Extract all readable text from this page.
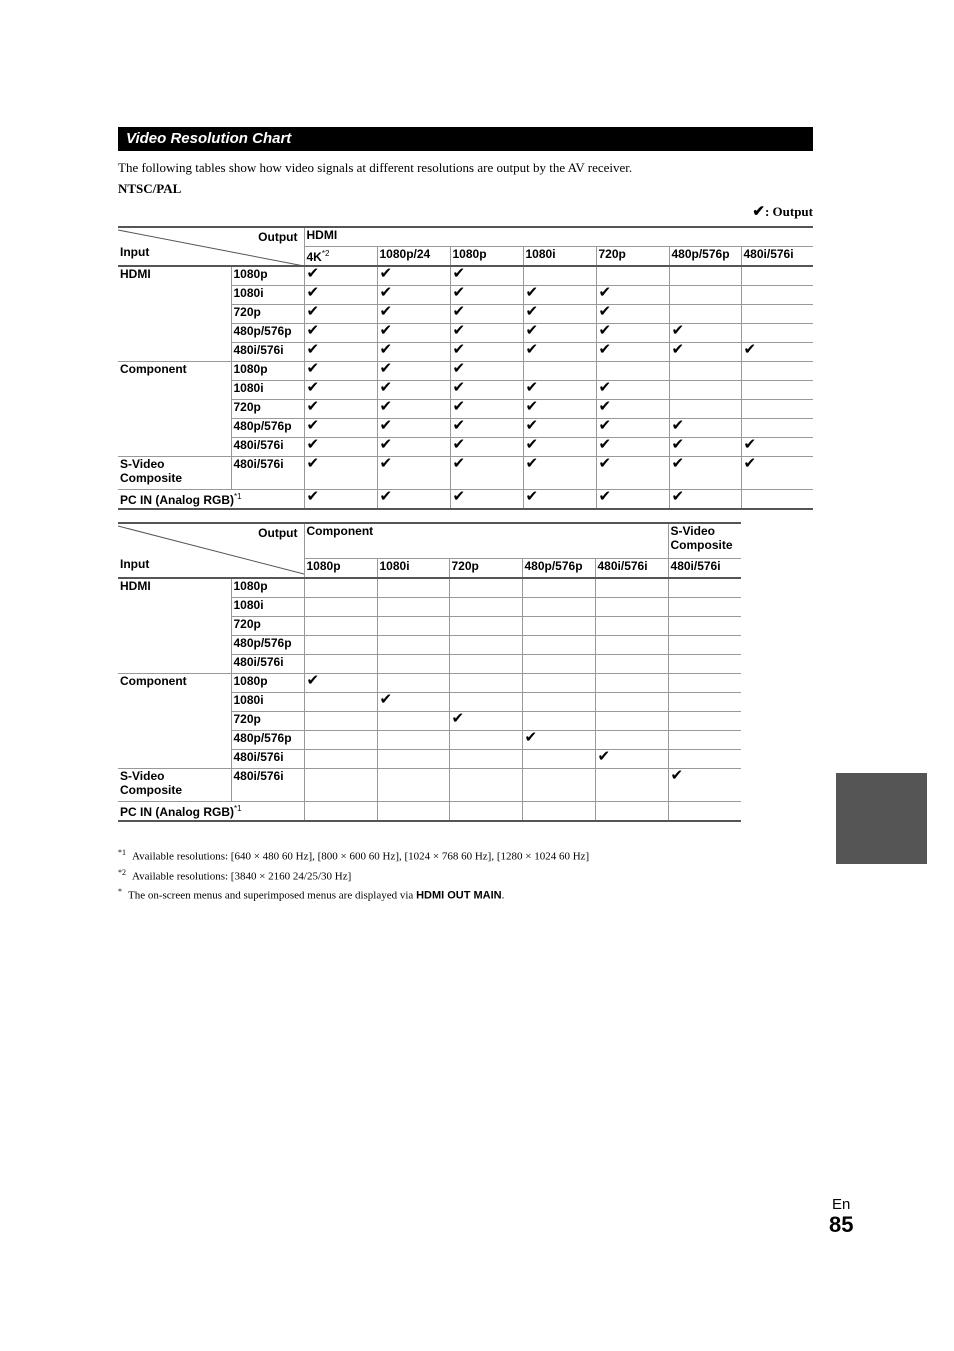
Video Resolution Chart
The following tables show how video signals at different resolutions are output by the AV receiver.
NTSC/PAL
✔: Output
Output
Input		HDMI						
		$4K^{*2}$	1080p/24	1080p	1080i	720p	480p/576p	480i/576i
HDMI	1080p	✔	✔	✔				
	1080i	✔	✔	✔	✔	✔		
	720p	✔	✔	✔	✔	✔		
	480p/576p	✔	✔	✔	✔	✔	✔	
	480i/576i	✔	✔	✔	✔	✔	✔	✔
Component	1080p	✔	✔	✔				
	1080i	✔	✔	✔	✔	✔		
	720p	✔	✔	✔	✔	✔		
	480p/576p	✔	✔	✔	✔	✔	✔	
	480i/576i	✔	✔	✔	✔	✔	✔	✔
S-Video
Composite	480i/576i	✔	✔	✔	✔	✔	✔	✔
PC IN (Analog RGB)$^{*1}$		✔	✔	✔	✔	✔	✔	
Output
Input		Component					S-Video
Composite
		1080p	1080i	720p	480p/576p	480i/576i	480i/576i
HDMI	1080p						
	1080i						
	720p						
	480p/576p						
	480i/576i						
Component	1080p	✔					
	1080i		✔				
	720p			✔			
	480p/576p				✔		
	480i/576i					✔	
S-Video
Composite	480i/576i						✔
PC IN (Analog RGB)$^{*1}$						
$^{*1}$ Available resolutions: [640 × 480 60 Hz], [800 × 600 60 Hz], [1024 × 768 60 Hz], [1280 × 1024 60 Hz]
$^{*2}$ Available resolutions: [3840 × 2160 24/25/30 Hz]
* The on-screen menus and superimposed menus are displayed via HDMI OUT MAIN.
En
85
